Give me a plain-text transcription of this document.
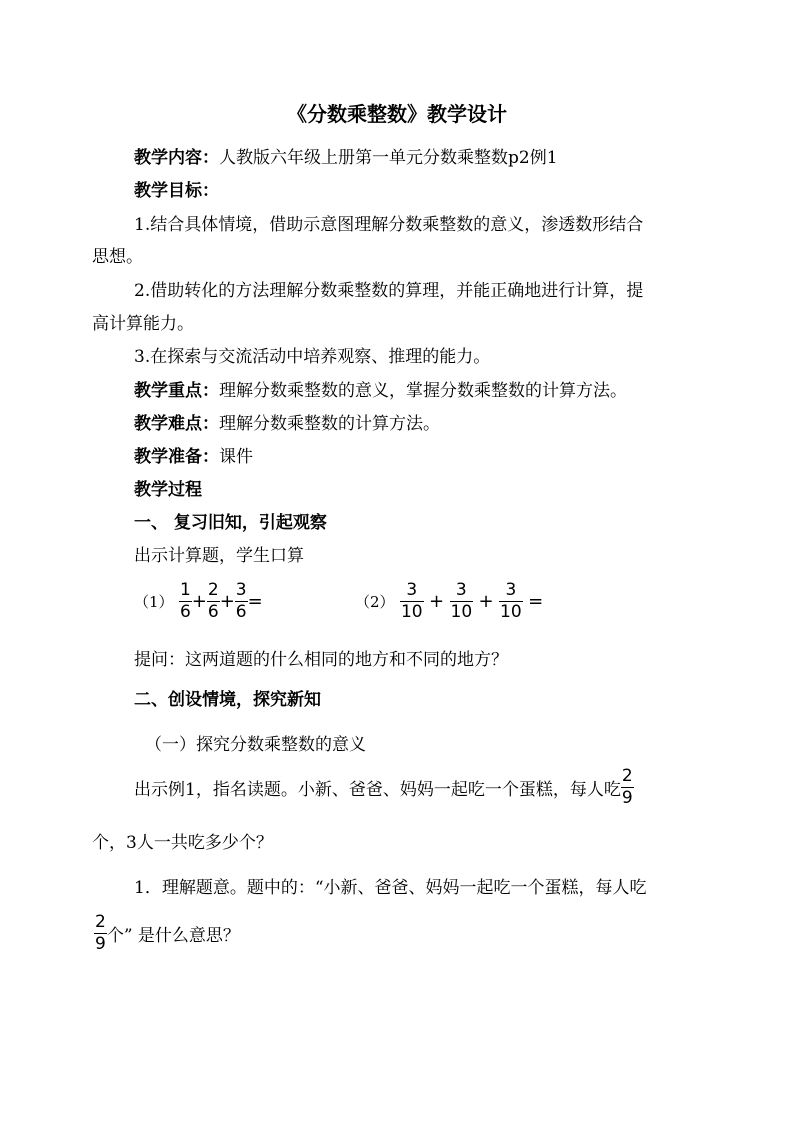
《分数乘整数》教学设计
教学内容：人教版六年级上册第一单元分数乘整数p2例1
教学目标：
1.结合具体情境，借助示意图理解分数乘整数的意义，渗透数形结合
思想。
2.借助转化的方法理解分数乘整数的算理，并能正确地进行计算，提
高计算能力。
3.在探索与交流活动中培养观察、推理的能力。
教学重点：理解分数乘整数的意义，掌握分数乘整数的计算方法。
教学难点：理解分数乘整数的计算方法。
教学准备：课件
教学过程
一、 复习旧知，引起观察
出示计算题，学生口算
$(1) \frac{1}{6} + \frac{2}{6} + \frac{3}{6}$ =	$(2) \frac{3}{10} + \frac{3}{10} + \frac{3}{10}$ =
提问：这两道题的什么相同的地方和不同的地方？
二、创设情境，探究新知
（一）探究分数乘整数的意义
出示例1，指名读题。小新、爸爸、妈妈一起吃一个蛋糕，每人吃 $\frac{2}{9}$
个，3人一共吃多少个？
1．理解题意。题中的：“小新、爸爸、妈妈一起吃一个蛋糕，每人吃
$\frac{2}{9}$ 个” 是什么意思？
